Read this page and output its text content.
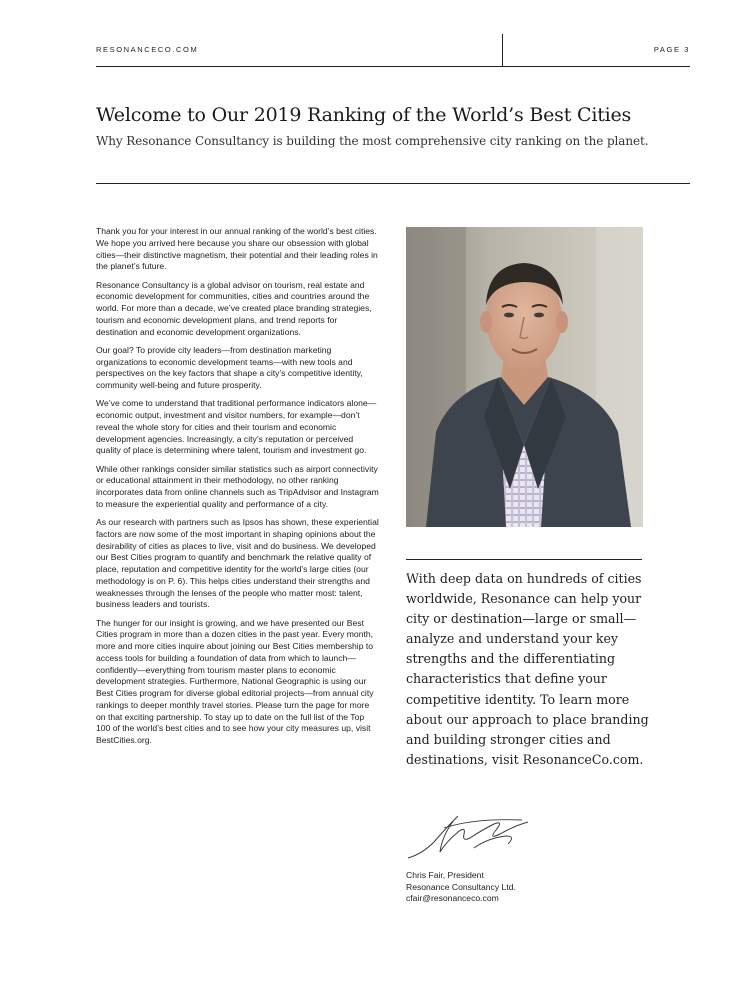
RESONANCECO.COM	PAGE 3
Welcome to Our 2019 Ranking of the World’s Best Cities
Why Resonance Consultancy is building the most comprehensive city ranking on the planet.

Thank you for your interest in our annual ranking of the world’s best cities. We hope you arrived here because you share our obsession with global cities—their distinctive magnetism, their potential and their leading roles in the planet’s future.

Resonance Consultancy is a global advisor on tourism, real estate and economic development for communities, cities and countries around the world. For more than a decade, we’ve created place branding strategies, tourism and economic development plans, and trend reports for destination and economic development organizations.

Our goal? To provide city leaders—from destination marketing organizations to economic development teams—with new tools and perspectives on the key factors that shape a city’s competitive identity, community well-being and future prosperity.

We’ve come to understand that traditional performance indicators alone—economic output, investment and visitor numbers, for example—don’t reveal the whole story for cities and their tourism and economic development agencies. Increasingly, a city’s reputation or perceived quality of place is determining where talent, tourism and investment go.

While other rankings consider similar statistics such as airport connectivity or educational attainment in their methodology, no other ranking incorporates data from online channels such as TripAdvisor and Instagram to measure the experiential quality and performance of a city.

As our research with partners such as Ipsos has shown, these experiential factors are now some of the most important in shaping opinions about the desirability of cities as places to live, visit and do business. We developed our Best Cities program to quantify and benchmark the relative quality of place, reputation and competitive identity for the world’s large cities (our methodology is on P. 6). This helps cities understand their strengths and weaknesses through the lenses of the people who matter most: talent, business leaders and tourists.

The hunger for our insight is growing, and we have presented our Best Cities program in more than a dozen cities in the past year. Every month, more and more cities inquire about joining our Best Cities membership to access tools for building a foundation of data from which to launch—confidently—everything from tourism master plans to economic development strategies. Furthermore, National Geographic is using our Best Cities program for diverse global editorial projects—from annual city rankings to deeper monthly travel stories. Please turn the page for more on that exciting partnership. To stay up to date on the full list of the Top 100 of the world’s best cities and to see how your city measures up, visit BestCities.org.

With deep data on hundreds of cities
worldwide, Resonance can help your
city or destination—large or small—
analyze and understand your key
strengths and the differentiating
characteristics that define your
competitive identity. To learn more
about our approach to place branding
and building stronger cities and
destinations, visit ResonanceCo.com.
Chris Fair, President
Resonance Consultancy Ltd.
cfair@resonanceco.com
